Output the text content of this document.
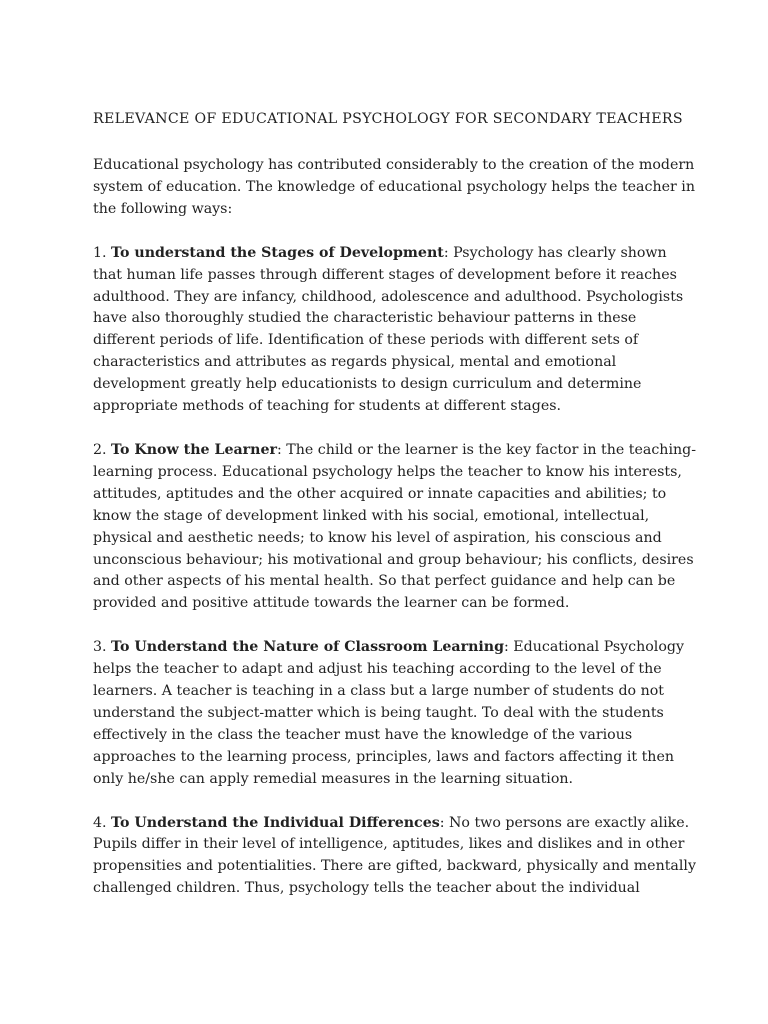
RELEVANCE OF EDUCATIONAL PSYCHOLOGY FOR SECONDARY TEACHERS

Educational psychology has contributed considerably to the creation of the modern system of education. The knowledge of educational psychology helps the teacher in the following ways:

1. To understand the Stages of Development: Psychology has clearly shown that human life passes through different stages of development before it reaches adulthood. They are infancy, childhood, adolescence and adulthood. Psychologists have also thoroughly studied the characteristic behaviour patterns in these different periods of life. Identification of these periods with different sets of characteristics and attributes as regards physical, mental and emotional development greatly help educationists to design curriculum and determine appropriate methods of teaching for students at different stages.

2. To Know the Learner: The child or the learner is the key factor in the teaching-learning process. Educational psychology helps the teacher to know his interests, attitudes, aptitudes and the other acquired or innate capacities and abilities; to know the stage of development linked with his social, emotional, intellectual, physical and aesthetic needs; to know his level of aspiration, his conscious and unconscious behaviour; his motivational and group behaviour; his conflicts, desires and other aspects of his mental health. So that perfect guidance and help can be provided and positive attitude towards the learner can be formed.

3. To Understand the Nature of Classroom Learning: Educational Psychology helps the teacher to adapt and adjust his teaching according to the level of the learners. A teacher is teaching in a class but a large number of students do not understand the subject-matter which is being taught. To deal with the students effectively in the class the teacher must have the knowledge of the various approaches to the learning process, principles, laws and factors affecting it then only he/she can apply remedial measures in the learning situation.

4. To Understand the Individual Differences: No two persons are exactly alike. Pupils differ in their level of intelligence, aptitudes, likes and dislikes and in other propensities and potentialities. There are gifted, backward, physically and mentally challenged children. Thus, psychology tells the teacher about the individual
